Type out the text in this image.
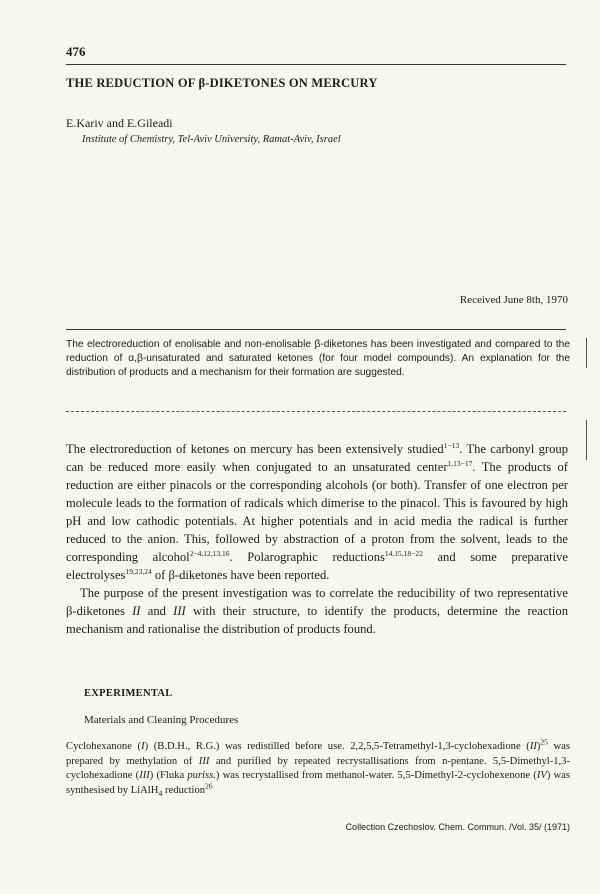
476
THE REDUCTION OF β-DIKETONES ON MERCURY
E.Kariv and E.Gileadi
Institute of Chemistry, Tel-Aviv University, Ramat-Aviv, Israel
Received June 8th, 1970
The electroreduction of enolisable and non-enolisable β-diketones has been investigated and compared to the reduction of α,β-unsaturated and saturated ketones (for four model compounds). An explanation for the distribution of products and a mechanism for their formation are suggested.

The electroreduction of ketones on mercury has been extensively studied$^{1-13}$. The carbonyl group can be reduced more easily when conjugated to an unsaturated center$^{1,13-17}$. The products of reduction are either pinacols or the corresponding alcohols (or both). Transfer of one electron per molecule leads to the formation of radicals which dimerise to the pinacol. This is favoured by high pH and low cathodic potentials. At higher potentials and in acid media the radical is further reduced to the anion. This, followed by abstraction of a proton from the solvent, leads to the corresponding alcohol$^{2-4,12,13,16}$. Polarographic reductions$^{14,15,18-22}$ and some preparative electrolyses$^{19,23,24}$ of β-diketones have been reported.

The purpose of the present investigation was to correlate the reducibility of two representative β-diketones II and III with their structure, to identify the products, determine the reaction mechanism and rationalise the distribution of products found.

EXPERIMENTAL
Materials and Cleaning Procedures

Cyclohexanone (I) (B.D.H., R.G.) was redistilled before use. 2,2,5,5-Tetramethyl-1,3-cyclohexadione (II)$^{25}$ was prepared by methylation of III and purified by repeated recrystallisations from n-pentane. 5,5-Dimethyl-1,3-cyclohexadione (III) (Fluka puriss.) was recrystallised from methanol-water. 5,5-Dimethyl-2-cyclohexenone (IV) was synthesised by LiAlH$_4$ reduction$^{26}$

Collection Czechoslov. Chem. Commun. /Vol. 35/ (1971)
